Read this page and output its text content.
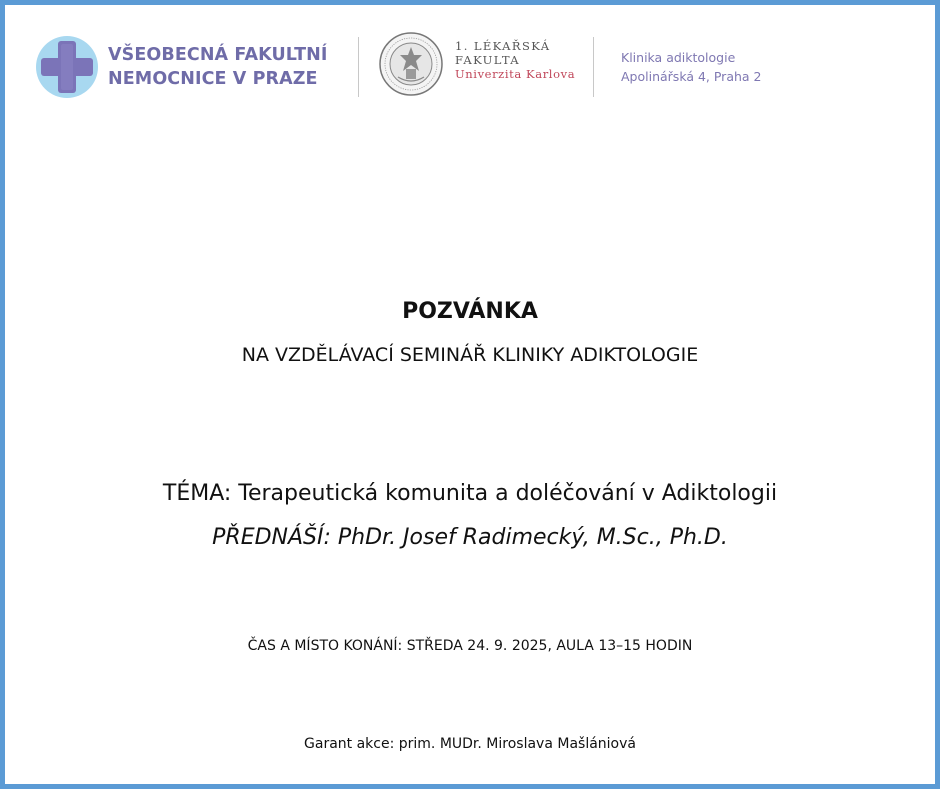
VŠEOBECNÁ FAKULTNÍ
NEMOCNICE V PRAZE
1. LÉKAŘSKÁ
FAKULTA
Univerzita Karlova
Klinika adiktologie
Apolinářská 4, Praha 2
POZVÁNKA
NA VZDĚLÁVACÍ SEMINÁŘ KLINIKY ADIKTOLOGIE
TÉMA: Terapeutická komunita a doléčování v Adiktologii
PŘEDNÁŠÍ: PhDr. Josef Radimecký, M.Sc., Ph.D.
ČAS A MÍSTO KONÁNÍ: STŘEDA 24. 9. 2025, AULA 13–15 HODIN
Garant akce: prim. MUDr. Miroslava Mašlániová
